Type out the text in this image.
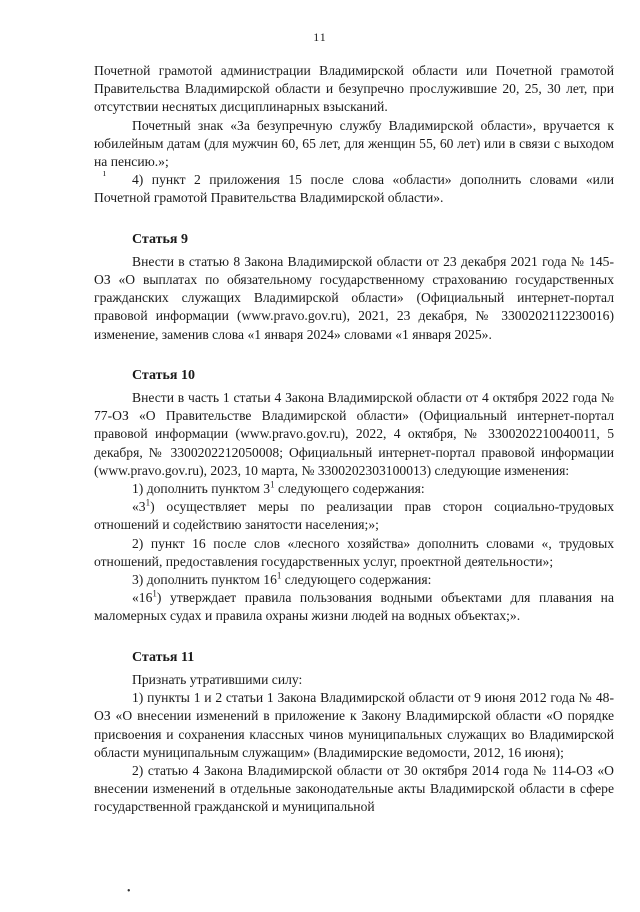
11

Почетной грамотой администрации Владимирской области или Почетной грамотой Правительства Владимирской области и безупречно прослужившие 20, 25, 30 лет, при отсутствии неснятых дисциплинарных взысканий.

Почетный знак «За безупречную службу Владимирской области», вручается к юбилейным датам (для мужчин 60, 65 лет, для женщин 55, 60 лет) или в связи с выходом на пенсию.»;

4) пункт 2 приложения 15 после слова «области» дополнить словами «или Почетной грамотой Правительства Владимирской области».

Статья 9

Внести в статью 8 Закона Владимирской области от 23 декабря 2021 года № 145-ОЗ «О выплатах по обязательному государственному страхованию государственных гражданских служащих Владимирской области» (Официальный интернет-портал правовой информации (www.pravo.gov.ru), 2021, 23 декабря, № 3300202112230016) изменение, заменив слова «1 января 2024» словами «1 января 2025».

Статья 10

Внести в часть 1 статьи 4 Закона Владимирской области от 4 октября 2022 года № 77-ОЗ «О Правительстве Владимирской области» (Официальный интернет-портал правовой информации (www.pravo.gov.ru), 2022, 4 октября, № 3300202210040011, 5 декабря, № 3300202212050008; Официальный интернет-портал правовой информации (www.pravo.gov.ru), 2023, 10 марта, № 3300202303100013) следующие изменения:

1) дополнить пунктом $3^1$ следующего содержания:

«$3^1$) осуществляет меры по реализации прав сторон социально-трудовых отношений и содействию занятости населения;»;

2) пункт 16 после слов «лесного хозяйства» дополнить словами «, трудовых отношений, предоставления государственных услуг, проектной деятельности»;

3) дополнить пунктом $16^1$ следующего содержания:

«$16^1$) утверждает правила пользования водными объектами для плавания на маломерных судах и правила охраны жизни людей на водных объектах;».

Статья 11

Признать утратившими силу:

1) пункты 1 и 2 статьи 1 Закона Владимирской области от 9 июня 2012 года № 48-ОЗ «О внесении изменений в приложение к Закону Владимирской области «О порядке присвоения и сохранения классных чинов муниципальных служащих во Владимирской области муниципальным служащим» (Владимирские ведомости, 2012, 16 июня);

2) статью 4 Закона Владимирской области от 30 октября 2014 года № 114-ОЗ «О внесении изменений в отдельные законодательные акты Владимирской области в сфере государственной гражданской и муниципальной

ı
•
